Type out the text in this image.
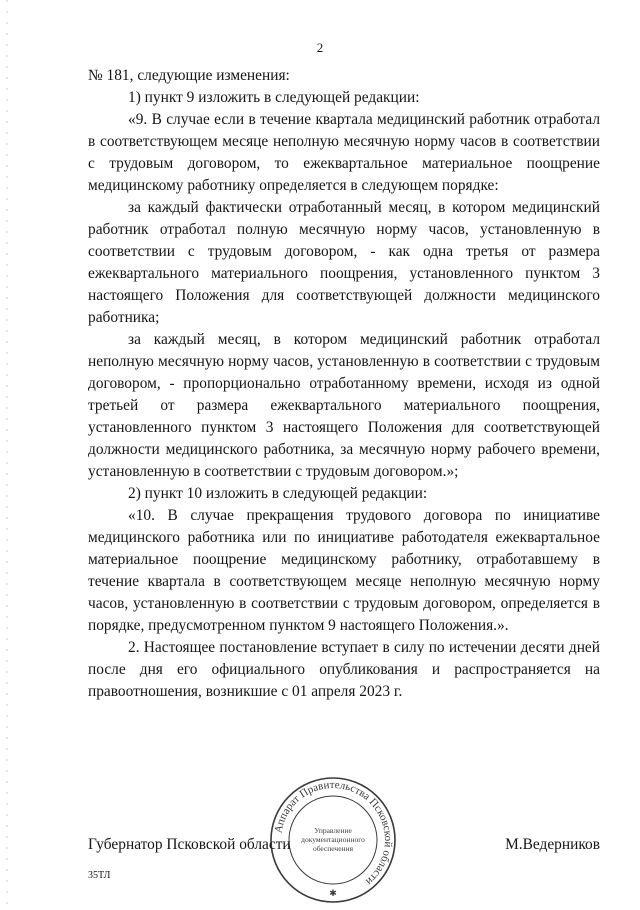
2

№ 181, следующие изменения:

1) пункт 9 изложить в следующей редакции:

«9. В случае если в течение квартала медицинский работник отработал в соответствующем месяце неполную месячную норму часов в соответствии с трудовым договором, то ежеквартальное материальное поощрение медицинскому работнику определяется в следующем порядке:

за каждый фактически отработанный месяц, в котором медицинский работник отработал полную месячную норму часов, установленную в соответствии с трудовым договором, - как одна третья от размера ежеквартального материального поощрения, установленного пунктом 3 настоящего Положения для соответствующей должности медицинского работника;

за каждый месяц, в котором медицинский работник отработал неполную месячную норму часов, установленную в соответствии с трудовым договором, - пропорционально отработанному времени, исходя из одной третьей от размера ежеквартального материального поощрения, установленного пунктом 3 настоящего Положения для соответствующей должности медицинского работника, за месячную норму рабочего времени, установленную в соответствии с трудовым договором.»;

2) пункт 10 изложить в следующей редакции:

«10. В случае прекращения трудового договора по инициативе медицинского работника или по инициативе работодателя ежеквартальное материальное поощрение медицинскому работнику, отработавшему в течение квартала в соответствующем месяце неполную месячную норму часов, установленную в соответствии с трудовым договором, определяется в порядке, предусмотренном пунктом 9 настоящего Положения.».

2. Настоящее постановление вступает в силу по истечении десяти дней после дня его официального опубликования и распространяется на правоотношения, возникшие с 01 апреля 2023 г.

Аппарат Правительства Псковской области
Управление
документационного
обеспечения
✱
Губернатор Псковской области	М.Ведерников
35ТЛ
